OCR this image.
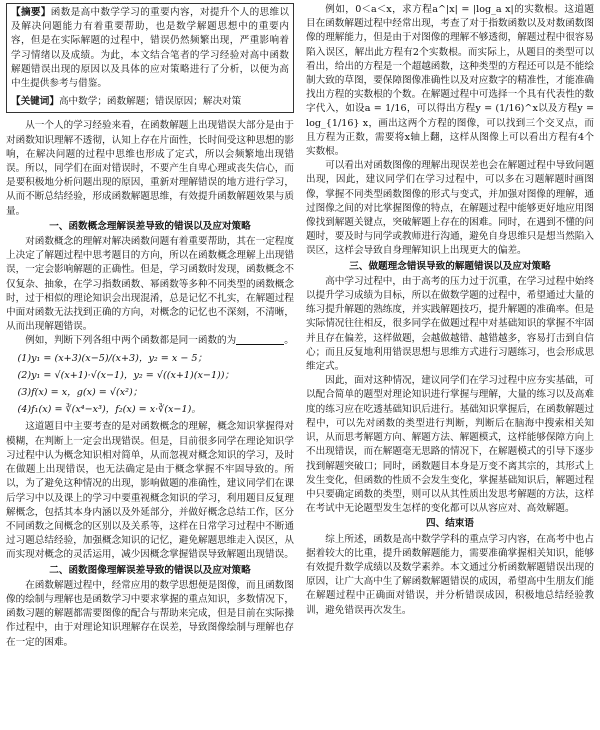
【摘要】函数是高中数学学习的重要内容，对提升个人的思维以及解决问题能力有着重要帮助，也是数学解题思想中的重要内容，但是在实际解题的过程中，错误仍然频繁出现，严重影响着学习情绪以及成绩。为此，本文结合笔者的学习经验对高中函数解题错误出现的原因以及具体的应对策略进行了分析，以便为高中生提供参考与借鉴。

【关键词】高中数学；函数解题；错误原因；解决对策

从一个人的学习经验来看，在函数解题上出现错误大部分是由于对函数知识理解不透彻，认知上存在片面性，长时间受这种思想的影响，在解决问题的过程中思维也形成了定式，所以会频繁地出现错误。所以，同学们在面对错误时，不要产生自卑心理或丧失信心，而是要积极地分析问题出现的原因，重新对理解错误的地方进行学习，从而不断总结经验，形成函数解题思维，有效提升函数解题效果与质量。

一、函数概念理解误差导致的错误以及应对策略

对函数概念的理解对解决函数问题有着重要帮助，其在一定程度上决定了解题过程中思考题目的方向，所以在函数概念理解上出现错误，一定会影响解题的正确性。但是，学习函数时发现，函数概念不仅复杂、抽象，在学习指数函数、幂函数等多种不同类型的函数概念时，过于相似的理论知识会出现混淆，总是记忆不扎实，在解题过程中面对函数无法找到正确的方向，对概念的记忆也不深刻，不清晰，从而出现解题错误。

例如，判断下列各组中两个函数都是同一函数的为	。

(1)y₁ = (x+3)(x−5)/(x+3)，y₂ = x − 5；
(2)y₁ = √(x+1)·√(x−1)，y₂ = √((x+1)(x−1))；
(3)f(x) = x，g(x) = √(x²)；
(4)f₁(x) = ∛(x⁴−x³)，f₂(x) = x·∛(x−1)。

这道题目中主要考查的是对函数概念的理解，概念知识掌握得对模糊，在判断上一定会出现错误。但是，目前很多同学在理论知识学习过程中认为概念知识相对简单，从而忽视对概念知识的学习，及时在做题上出现错误，也无法确定是由于概念掌握不牢固导致的。所以，为了避免这种情况的出现，影响做题的准确性，建议同学们在课后学习中以及课上的学习中要重视概念知识的学习，利用题目反复理解概念，包括其本身内涵以及外延部分，并做好概念总结工作，区分不同函数之间概念的区别以及关系等，这样在日常学习过程中不断通过习题总结经验，加强概念知识的记忆，避免解题思维走入误区，从而实现对概念的灵活运用，减少因概念掌握错误导致解题出现错误。

二、函数图像理解误差导致的错误以及应对策略

在函数解题过程中，经常应用的数学思想便是图像，而且函数图像的绘制与理解也是函数学习中要求掌握的重点知识，多数情况下，函数习题的解题都需要图像的配合与帮助来完成，但是目前在实际操作过程中，由于对理论知识理解存在误差，导致图像绘制与理解也存在一定的困难。

例如，0＜a＜x，求方程a^|x| = |log_a x|的实数根。这道题目在函数解题过程中经常出现，考查了对于指数函数以及对数函数图像的理解能力，但是由于对图像的理解不够透彻，解题过程中很容易陷入误区，解出此方程有2个实数根。而实际上，从题目的类型可以看出，给出的方程是一个超越函数，这种类型的方程还可以是不能绘制大致的草图，要保障图像准确性以及对应数字的精准性，才能准确找出方程的实数根的个数。在解题过程中可选择一个具有代表性的数字代入，如设a = 1/16，可以得出方程y = (1/16)^x以及方程y = log_{1/16} x，画出这两个方程的图像，可以找到三个交叉点，而且方程为正数，需要将x轴上翻，这样从图像上可以看出方程有4个实数根。

可以看出对函数图像的理解出现误差也会在解题过程中导致问题出现，因此，建议同学们在学习过程中，可以多在习题解题时画图像，掌握不同类型函数图像的形式与变式，并加强对图像的理解，通过图像之间的对比掌握图像的特点，在解题过程中能够更好地应用图像找到解题关键点，突破解题上存在的困难。同时，在遇到不懂的问题时，要及时与同学或教师进行沟通，避免自身思维只是想当然陷入误区，这样会导致自身理解知识上出现更大的偏差。

三、做题理念错误导致的解题错误以及应对策略

高中学习过程中，由于高考的压力过于沉重，在学习过程中始终以提升学习成绩为目标，所以在做数学题的过程中，希望通过大量的练习提升解题的熟练度，并实践解题技巧，提升解题的准确率。但是实际情况往往相反，很多同学在做题过程中对基础知识的掌握不牢固并且存在偏差，这样做题，会越做越错、越错越多，容易打击到自信心；而且反复地利用错误思想与思维方式进行习题练习，也会形成思维定式。

因此，面对这种情况，建议同学们在学习过程中应夯实基础，可以配合简单的题型对理论知识进行掌握与理解，大量的练习以及高难度的练习应在吃透基础知识后进行。基础知识掌握后，在函数解题过程中，可以先对函数的类型进行判断，判断后在脑海中搜索相关知识，从而思考解题方向、解题方法、解题模式，这样能够保障方向上不出现错误，而在解题毫无思路的情况下，在解题模式的引导下逐步找到解题突破口；同时，函数题目本身是万变不离其宗的，其形式上发生变化，但函数的性质不会发生变化，掌握基础知识后，解题过程中只要确定函数的类型，则可以从其性质出发思考解题的方法，这样在考试中无论题型发生怎样的变化都可以从容应对、高效解题。

四、结束语

综上所述，函数是高中数学学科的重点学习内容，在高考中也占据着较大的比重，提升函数解题能力，需要准确掌握相关知识，能够有效提升数学成绩以及数学素养。本文通过分析函数解题错误出现的原因，让广大高中生了解函数解题错误的成因，希望高中生朋友们能在解题过程中正确面对错误，并分析错误成因，积极地总结经验教训，避免错误再次发生。
